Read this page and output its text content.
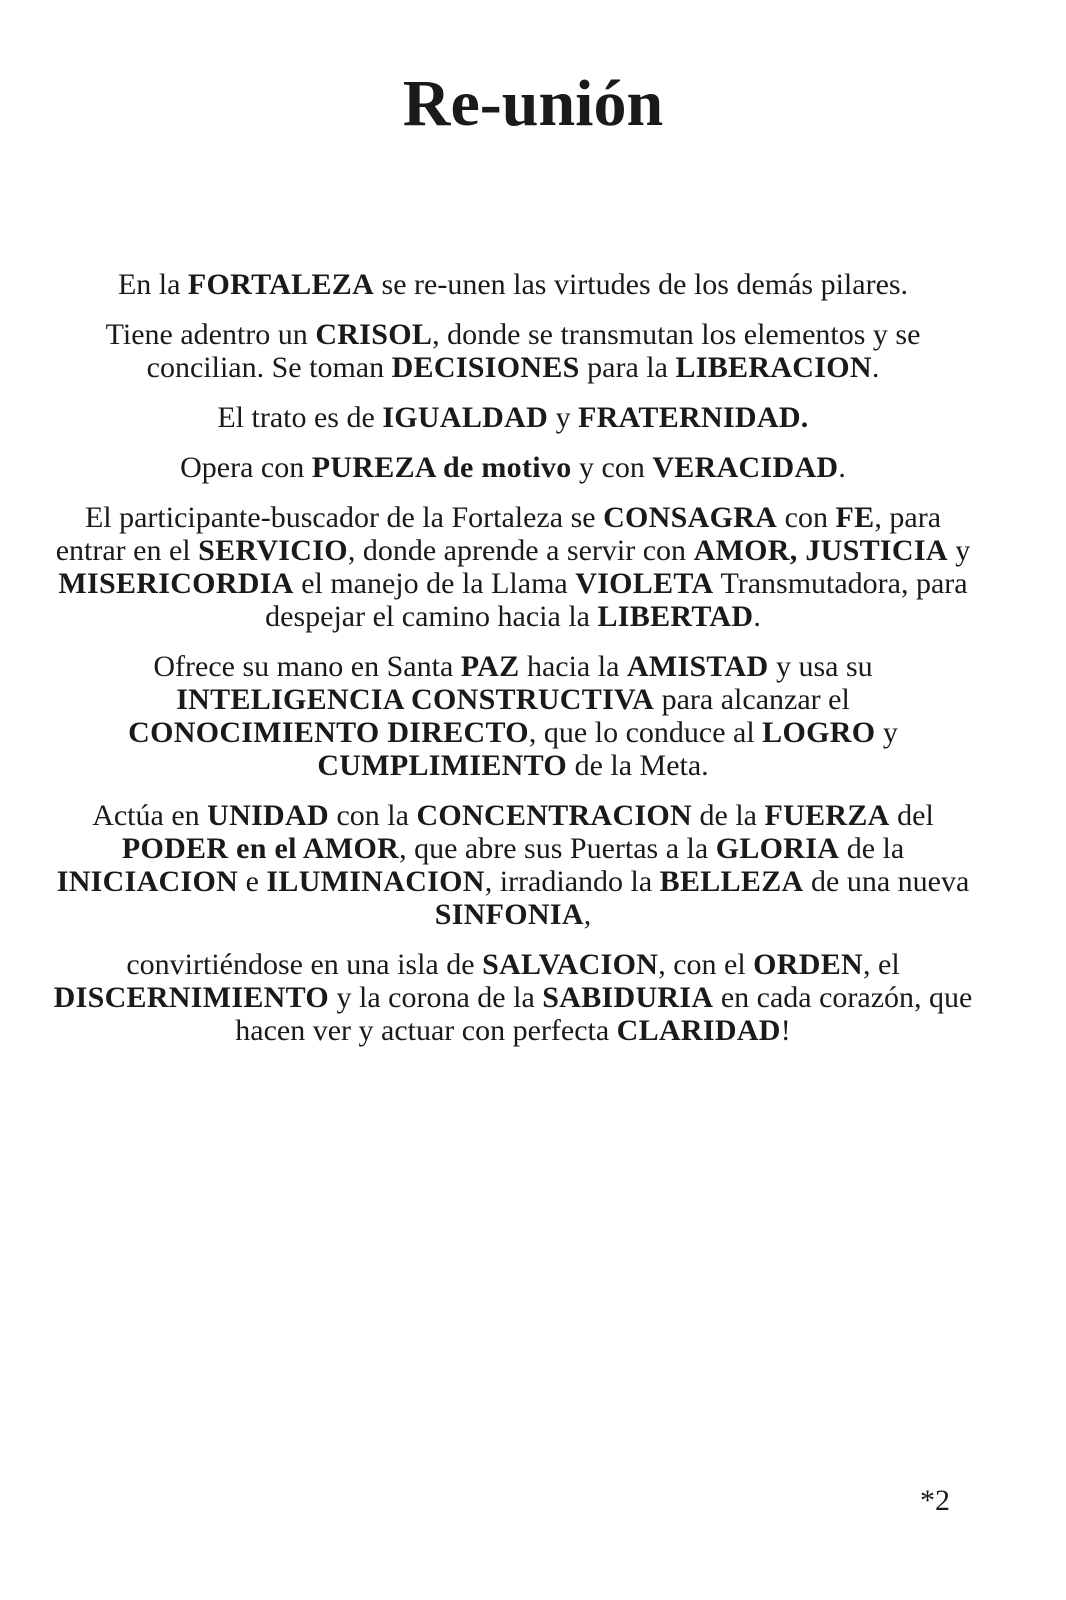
Re-unión

En la FORTALEZA se re-unen las virtudes de los demás pilares.

Tiene adentro un CRISOL, donde se transmutan los elementos y se concilian. Se toman DECISIONES para la LIBERACION.

El trato es de IGUALDAD y FRATERNIDAD.

Opera con PUREZA de motivo y con VERACIDAD.

El participante-buscador de la Fortaleza se CONSAGRA con FE, para entrar en el SERVICIO, donde aprende a servir con AMOR, JUSTICIA y MISERICORDIA el manejo de la Llama VIOLETA Transmutadora, para despejar el camino hacia la LIBERTAD.

Ofrece su mano en Santa PAZ hacia la AMISTAD y usa su INTELIGENCIA CONSTRUCTIVA para alcanzar el CONOCIMIENTO DIRECTO, que lo conduce al LOGRO y CUMPLIMIENTO de la Meta.

Actúa en UNIDAD con la CONCENTRACION de la FUERZA del PODER en el AMOR, que abre sus Puertas a la GLORIA de la INICIACION e ILUMINACION, irradiando la BELLEZA de una nueva SINFONIA,

convirtiéndose en una isla de SALVACION, con el ORDEN, el DISCERNIMIENTO y la corona de la SABIDURIA en cada corazón, que hacen ver y actuar con perfecta CLARIDAD!

*2
